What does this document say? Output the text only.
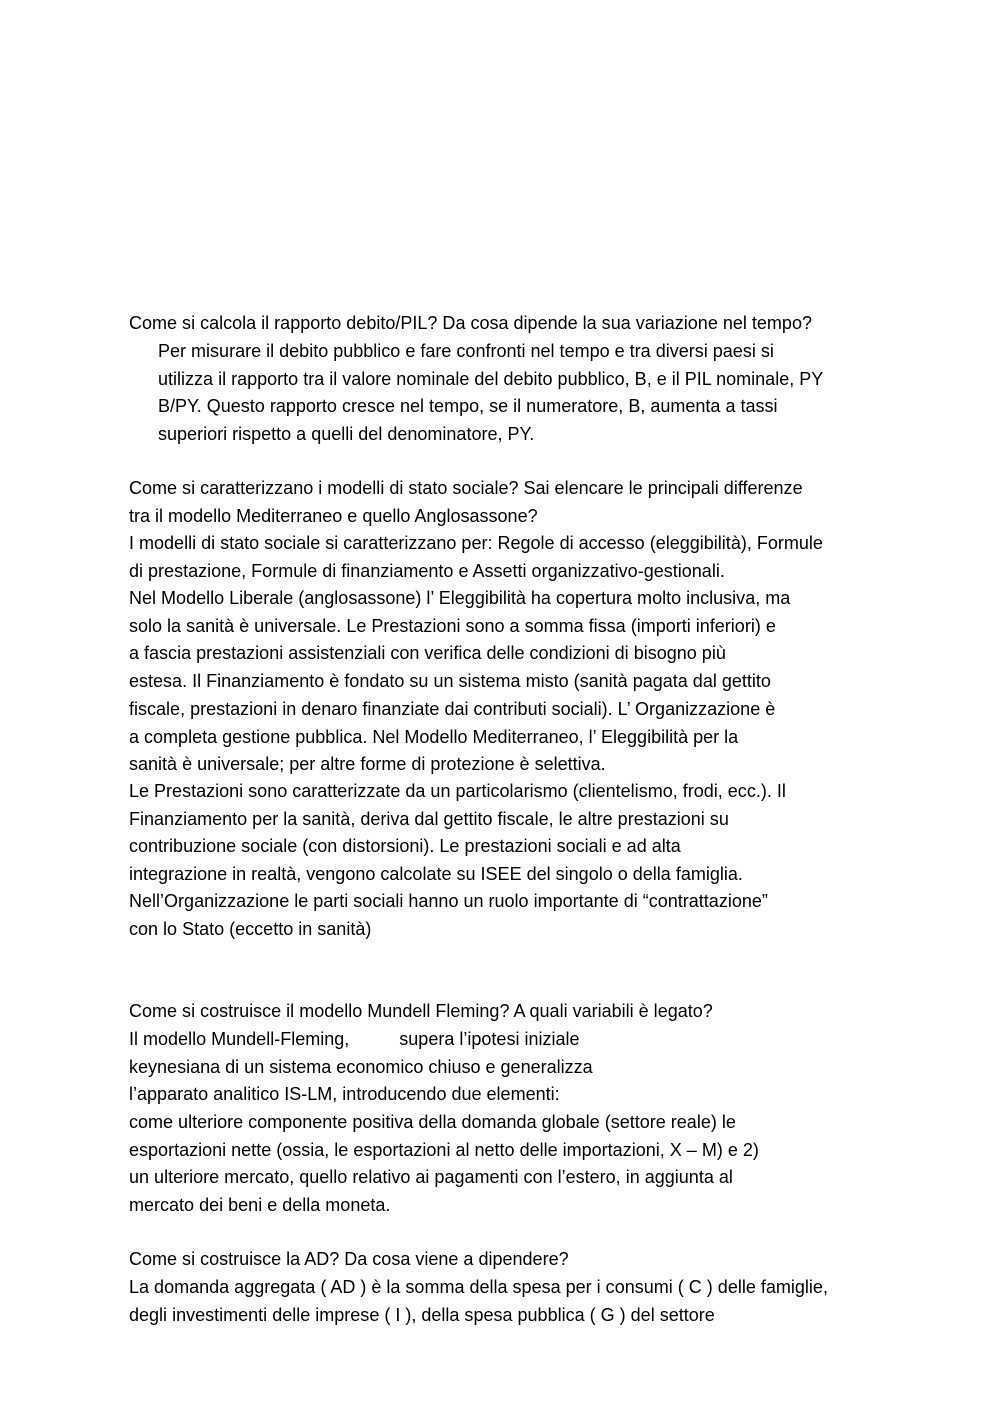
Come si calcola il rapporto debito/PIL? Da cosa dipende la sua variazione nel tempo?
Per misurare il debito pubblico e fare confronti nel tempo e tra diversi paesi si
utilizza il rapporto tra il valore nominale del debito pubblico, B, e il PIL nominale, PY
B/PY. Questo rapporto cresce nel tempo, se il numeratore, B, aumenta a tassi
superiori rispetto a quelli del denominatore, PY.
Come si caratterizzano i modelli di stato sociale? Sai elencare le principali differenze
tra il modello Mediterraneo e quello Anglosassone?
I modelli di stato sociale si caratterizzano per: Regole di accesso (eleggibilità), Formule
di prestazione, Formule di finanziamento e Assetti organizzativo-gestionali.
Nel Modello Liberale (anglosassone) l’ Eleggibilità ha copertura molto inclusiva, ma
solo la sanità è universale. Le Prestazioni sono a somma fissa (importi inferiori) e
a fascia prestazioni assistenziali con verifica delle condizioni di bisogno più
estesa. Il Finanziamento è fondato su un sistema misto (sanità pagata dal gettito
fiscale, prestazioni in denaro finanziate dai contributi sociali). L’ Organizzazione è
a completa gestione pubblica. Nel Modello Mediterraneo, l’ Eleggibilità per la
sanità è universale; per altre forme di protezione è selettiva.
Le Prestazioni sono caratterizzate da un particolarismo (clientelismo, frodi, ecc.). Il
Finanziamento per la sanità, deriva dal gettito fiscale, le altre prestazioni su
contribuzione sociale (con distorsioni). Le prestazioni sociali e ad alta
integrazione in realtà, vengono calcolate su ISEE del singolo o della famiglia.
Nell’Organizzazione le parti sociali hanno un ruolo importante di “contrattazione”
con lo Stato (eccetto in sanità)
Come si costruisce il modello Mundell Fleming? A quali variabili è legato?
Il modello Mundell-Fleming,	supera l’ipotesi iniziale
keynesiana di un sistema economico chiuso e generalizza
l’apparato analitico IS-LM, introducendo due elementi:
come ulteriore componente positiva della domanda globale (settore reale) le
esportazioni nette (ossia, le esportazioni al netto delle importazioni, X – M) e 2)
un ulteriore mercato, quello relativo ai pagamenti con l’estero, in aggiunta al
mercato dei beni e della moneta.
Come si costruisce la AD? Da cosa viene a dipendere?
La domanda aggregata ( AD ) è la somma della spesa per i consumi ( C ) delle famiglie,
degli investimenti delle imprese ( I ), della spesa pubblica ( G ) del settore
